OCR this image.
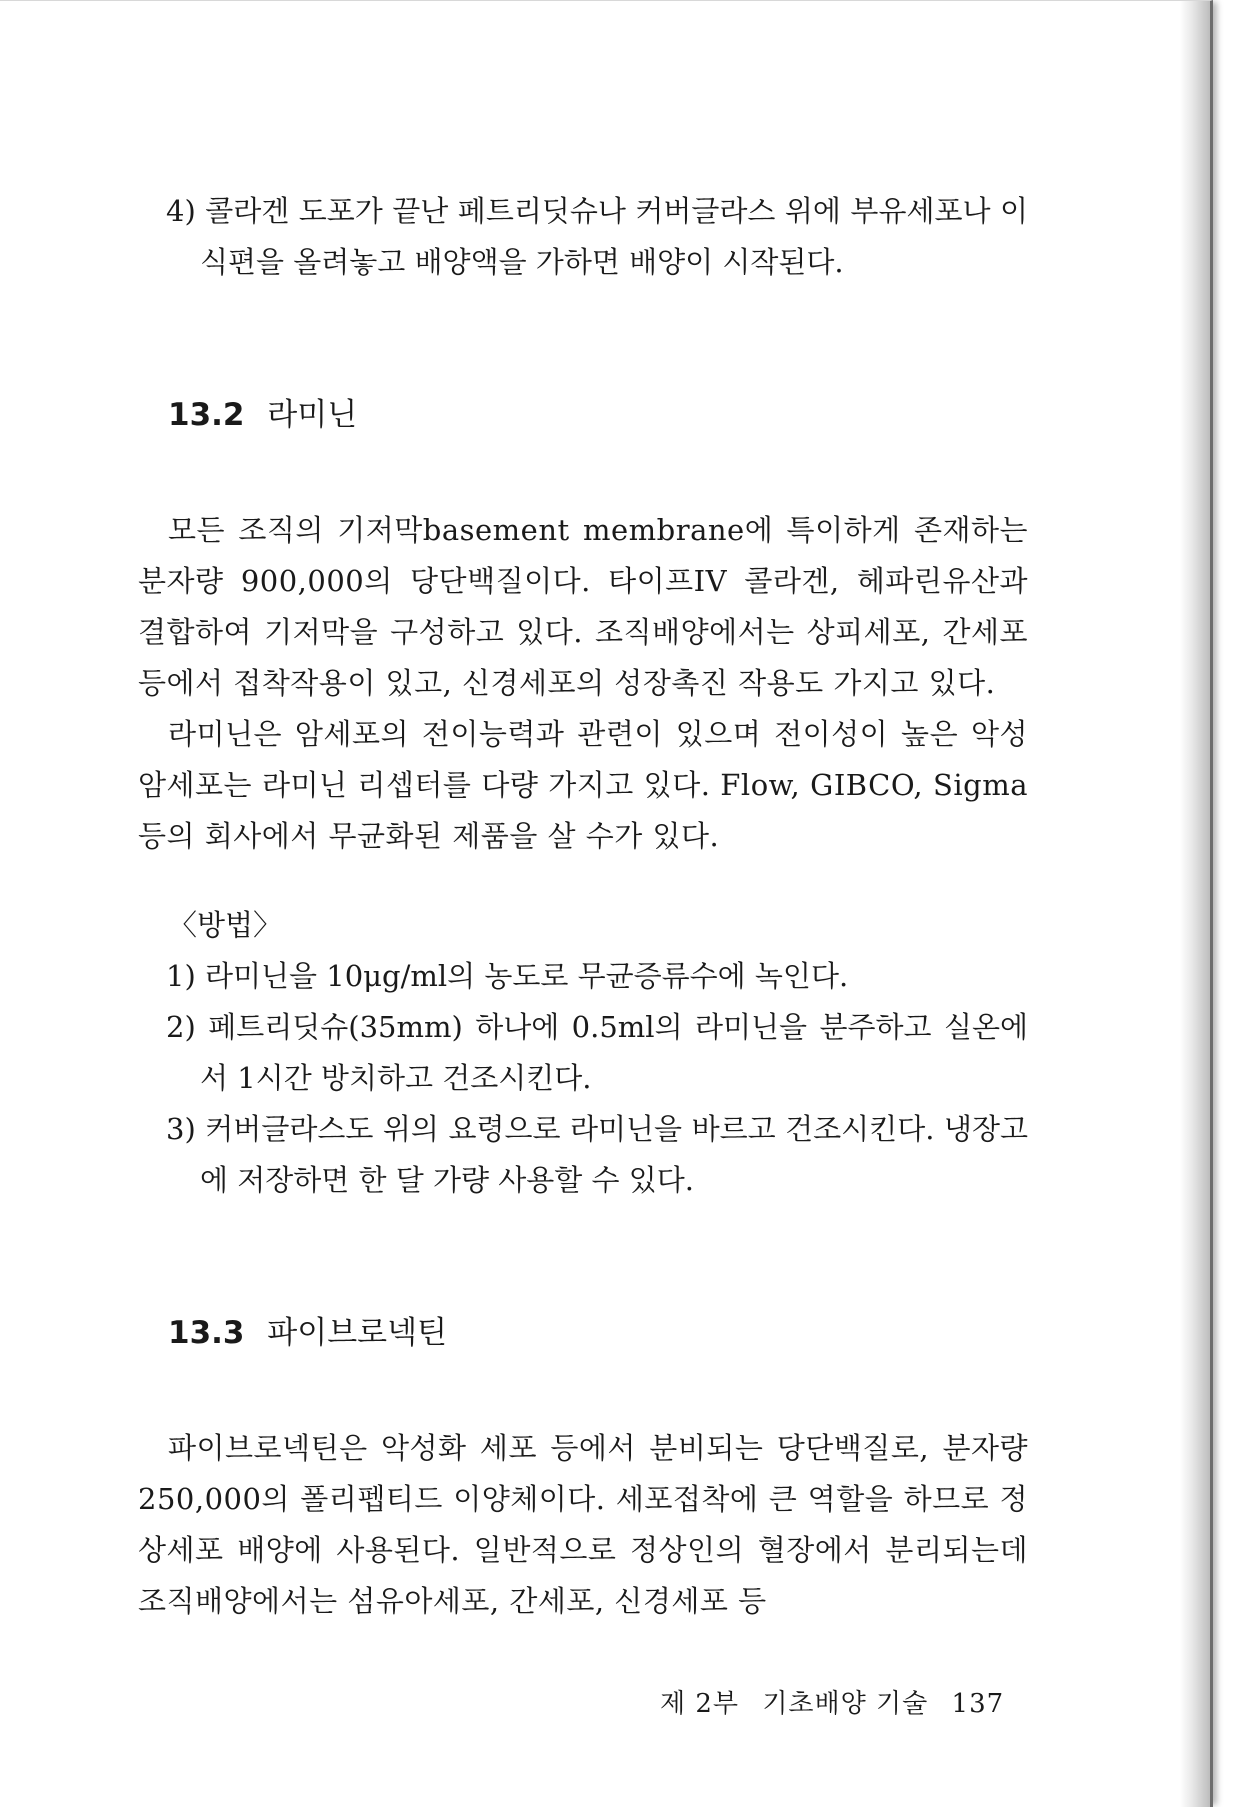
4) 콜라겐 도포가 끝난 페트리딧슈나 커버글라스 위에 부유세포나 이식편을 올려놓고 배양액을 가하면 배양이 시작된다.

13.2 라미닌

모든 조직의 기저막basement membrane에 특이하게 존재하는 분자량 900,000의 당단백질이다. 타이프IV 콜라겐, 헤파린유산과 결합하여 기저막을 구성하고 있다. 조직배양에서는 상피세포, 간세포 등에서 접착작용이 있고, 신경세포의 성장촉진 작용도 가지고 있다.

라미닌은 암세포의 전이능력과 관련이 있으며 전이성이 높은 악성 암세포는 라미닌 리셉터를 다량 가지고 있다. Flow, GIBCO, Sigma 등의 회사에서 무균화된 제품을 살 수가 있다.

〈방법〉

1) 라미닌을 10μg/ml의 농도로 무균증류수에 녹인다.

2) 페트리딧슈(35mm) 하나에 0.5ml의 라미닌을 분주하고 실온에서 1시간 방치하고 건조시킨다.

3) 커버글라스도 위의 요령으로 라미닌을 바르고 건조시킨다. 냉장고에 저장하면 한 달 가량 사용할 수 있다.

13.3 파이브로넥틴

파이브로넥틴은 악성화 세포 등에서 분비되는 당단백질로, 분자량 250,000의 폴리펩티드 이양체이다. 세포접착에 큰 역할을 하므로 정상세포 배양에 사용된다. 일반적으로 정상인의 혈장에서 분리되는데 조직배양에서는 섬유아세포, 간세포, 신경세포 등

제 2부 기초배양 기술 137
